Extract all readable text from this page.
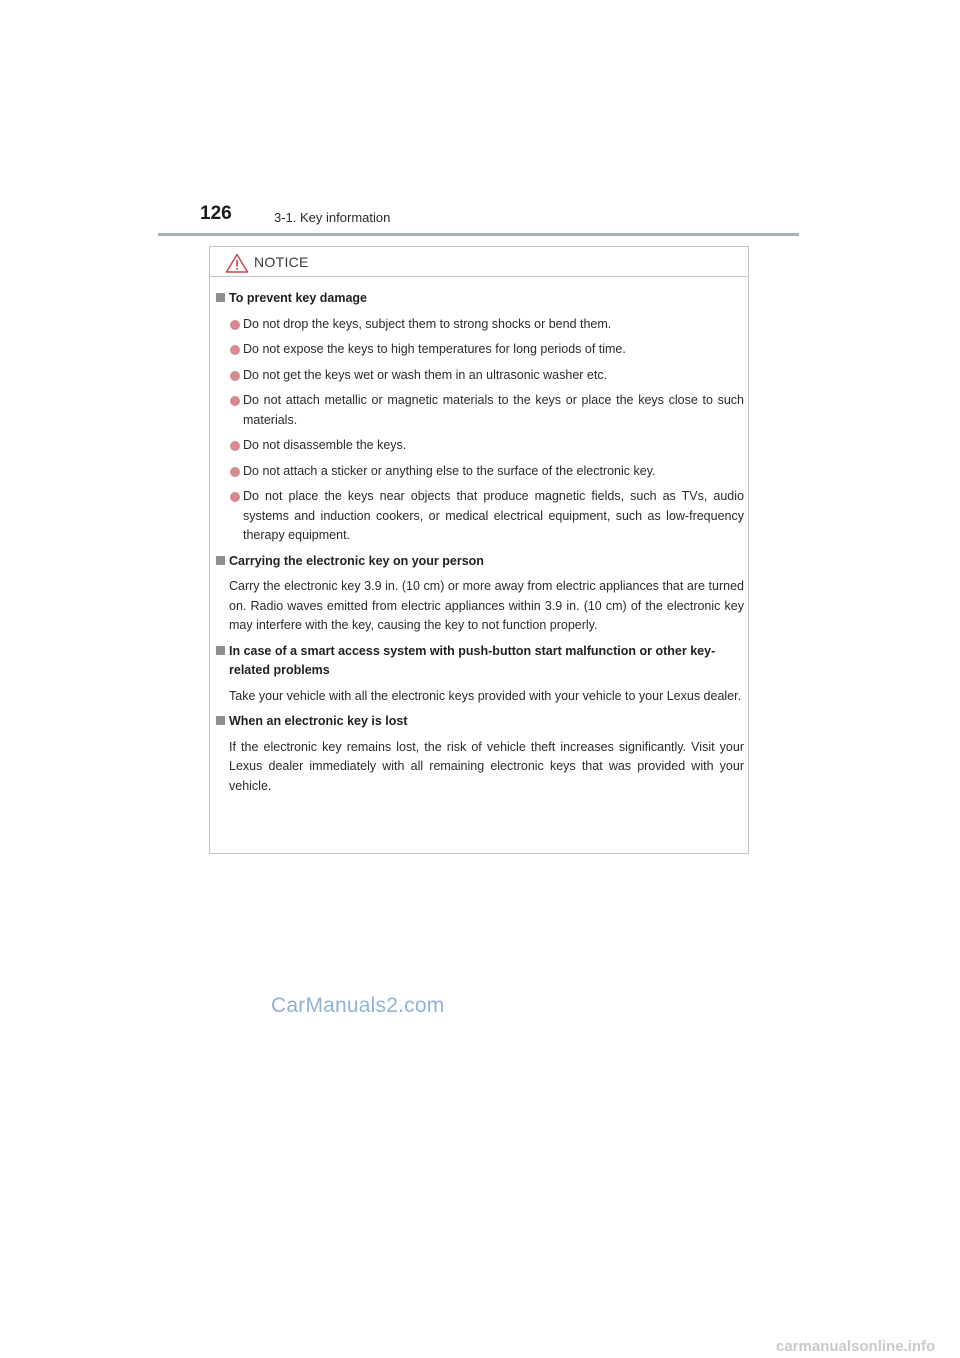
126	3-1. Key information
NOTICE
To prevent key damage
Do not drop the keys, subject them to strong shocks or bend them.
Do not expose the keys to high temperatures for long periods of time.
Do not get the keys wet or wash them in an ultrasonic washer etc.
Do not attach metallic or magnetic materials to the keys or place the keys close to such materials.
Do not disassemble the keys.
Do not attach a sticker or anything else to the surface of the electronic key.
Do not place the keys near objects that produce magnetic fields, such as TVs, audio systems and induction cookers, or medical electrical equipment, such as low-frequency therapy equipment.
Carrying the electronic key on your person
Carry the electronic key 3.9 in. (10 cm) or more away from electric appliances that are turned on. Radio waves emitted from electric appliances within 3.9 in. (10 cm) of the electronic key may interfere with the key, causing the key to not function properly.
In case of a smart access system with push-button start malfunction or other key-related problems
Take your vehicle with all the electronic keys provided with your vehicle to your Lexus dealer.
When an electronic key is lost
If the electronic key remains lost, the risk of vehicle theft increases significantly. Visit your Lexus dealer immediately with all remaining electronic keys that was provided with your vehicle.
CarManuals2.com
carmanualsonline.info
